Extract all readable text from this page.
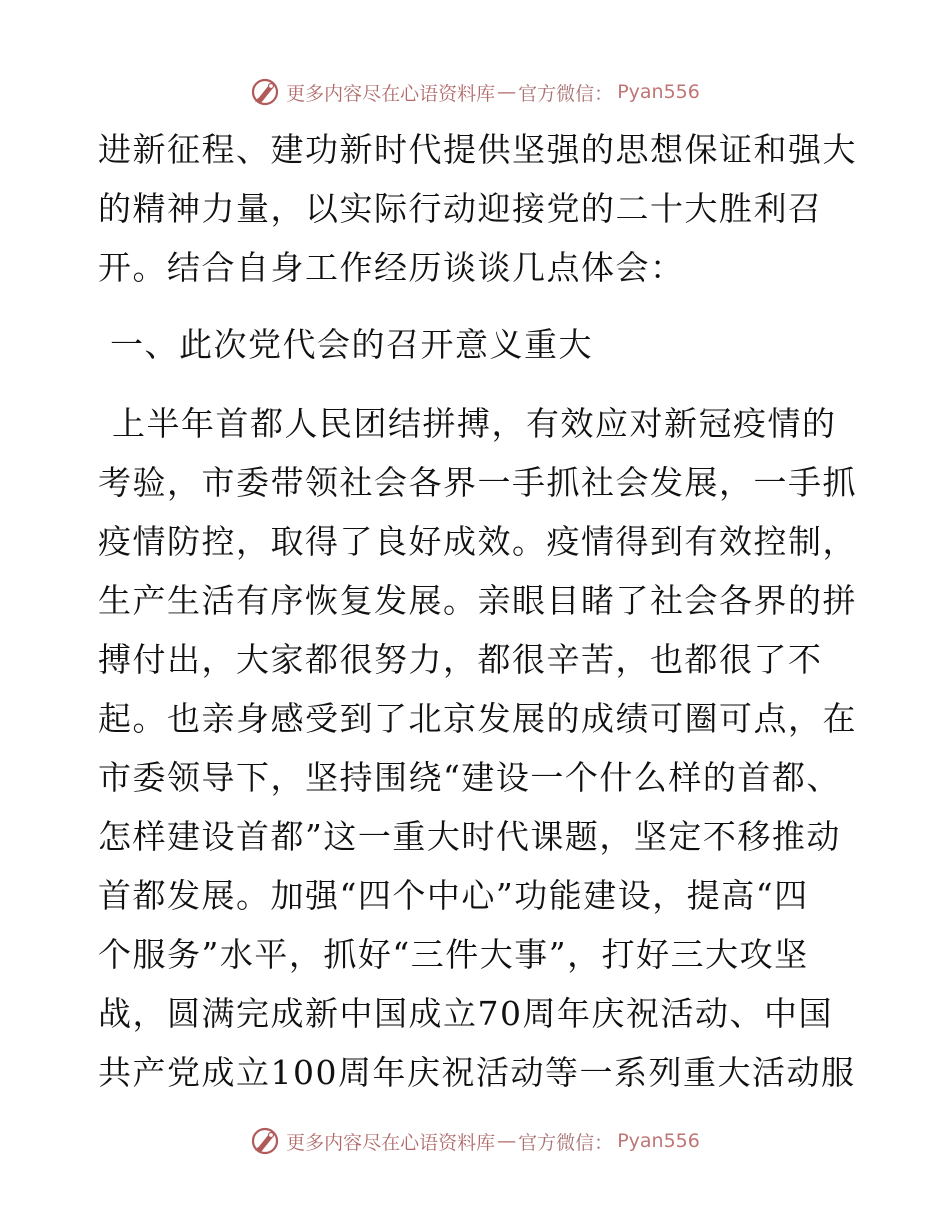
更多内容尽在心语资料库 — 官方微信： Pyan556
进新征程、建功新时代提供坚强的思想保证和强大
的精神力量，以实际行动迎接党的二十大胜利召
开。结合自身工作经历谈谈几点体会：
一、此次党代会的召开意义重大
上半年首都人民团结拼搏，有效应对新冠疫情的
考验，市委带领社会各界一手抓社会发展，一手抓
疫情防控，取得了良好成效。疫情得到有效控制，
生产生活有序恢复发展。亲眼目睹了社会各界的拼
搏付出，大家都很努力，都很辛苦，也都很了不
起。也亲身感受到了北京发展的成绩可圈可点，在
市委领导下，坚持围绕“建设一个什么样的首都、
怎样建设首都”这一重大时代课题，坚定不移推动
首都发展。加强“四个中心”功能建设，提高“四
个服务”水平，抓好“三件大事”，打好三大攻坚
战，圆满完成新中国成立70周年庆祝活动、中国
共产党成立100周年庆祝活动等一系列重大活动服
更多内容尽在心语资料库 — 官方微信： Pyan556
